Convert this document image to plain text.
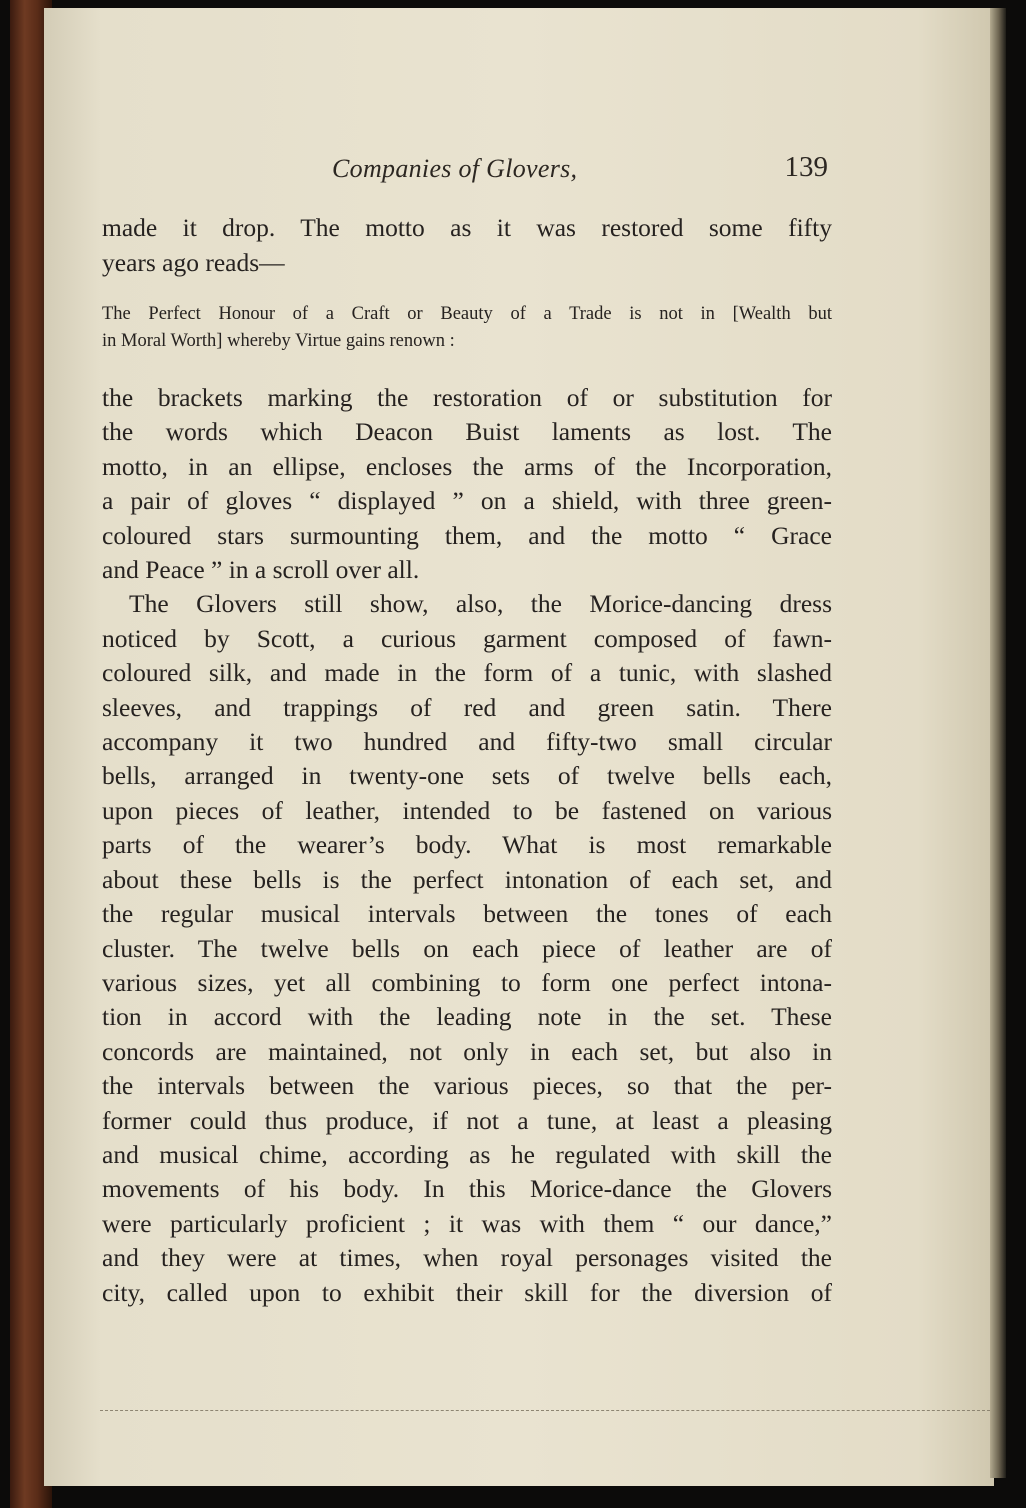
Companies of Glovers,	139
made it drop. The motto as it was restored some fifty
years ago reads—
The Perfect Honour of a Craft or Beauty of a Trade is not in [Wealth but
in Moral Worth] whereby Virtue gains renown :
the brackets marking the restoration of or substitution for
the words which Deacon Buist laments as lost. The
motto, in an ellipse, encloses the arms of the Incorporation,
a pair of gloves “ displayed ” on a shield, with three green-
coloured stars surmounting them, and the motto “ Grace
and Peace ” in a scroll over all.
The Glovers still show, also, the Morice-dancing dress
noticed by Scott, a curious garment composed of fawn-
coloured silk, and made in the form of a tunic, with slashed
sleeves, and trappings of red and green satin. There
accompany it two hundred and fifty-two small circular
bells, arranged in twenty-one sets of twelve bells each,
upon pieces of leather, intended to be fastened on various
parts of the wearer’s body. What is most remarkable
about these bells is the perfect intonation of each set, and
the regular musical intervals between the tones of each
cluster. The twelve bells on each piece of leather are of
various sizes, yet all combining to form one perfect intona-
tion in accord with the leading note in the set. These
concords are maintained, not only in each set, but also in
the intervals between the various pieces, so that the per-
former could thus produce, if not a tune, at least a pleasing
and musical chime, according as he regulated with skill the
movements of his body. In this Morice-dance the Glovers
were particularly proficient ; it was with them “ our dance,”
and they were at times, when royal personages visited the
city, called upon to exhibit their skill for the diversion of
